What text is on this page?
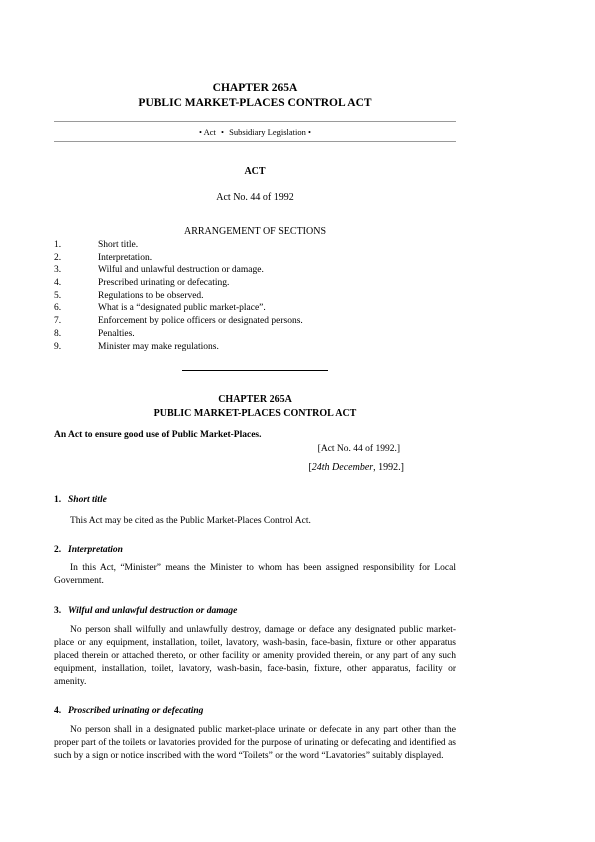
CHAPTER 265A
PUBLIC MARKET-PLACES CONTROL ACT
• Act • Subsidiary Legislation •
ACT
Act No. 44 of 1992
ARRANGEMENT OF SECTIONS
1.	Short title.
2.	Interpretation.
3.	Wilful and unlawful destruction or damage.
4.	Prescribed urinating or defecating.
5.	Regulations to be observed.
6.	What is a “designated public market-place”.
7.	Enforcement by police officers or designated persons.
8.	Penalties.
9.	Minister may make regulations.
CHAPTER 265A
PUBLIC MARKET-PLACES CONTROL ACT
An Act to ensure good use of Public Market-Places.
[Act No. 44 of 1992.]
[24th December, 1992.]
1. Short title
This Act may be cited as the Public Market-Places Control Act.
2. Interpretation
In this Act, “Minister” means the Minister to whom has been assigned responsibility for Local Government.
3. Wilful and unlawful destruction or damage
No person shall wilfully and unlawfully destroy, damage or deface any designated public market-place or any equipment, installation, toilet, lavatory, wash-basin, face-basin, fixture or other apparatus placed therein or attached thereto, or other facility or amenity provided therein, or any part of any such equipment, installation, toilet, lavatory, wash-basin, face-basin, fixture, other apparatus, facility or amenity.
4. Proscribed urinating or defecating
No person shall in a designated public market-place urinate or defecate in any part other than the proper part of the toilets or lavatories provided for the purpose of urinating or defecating and identified as such by a sign or notice inscribed with the word “Toilets” or the word “Lavatories” suitably displayed.
